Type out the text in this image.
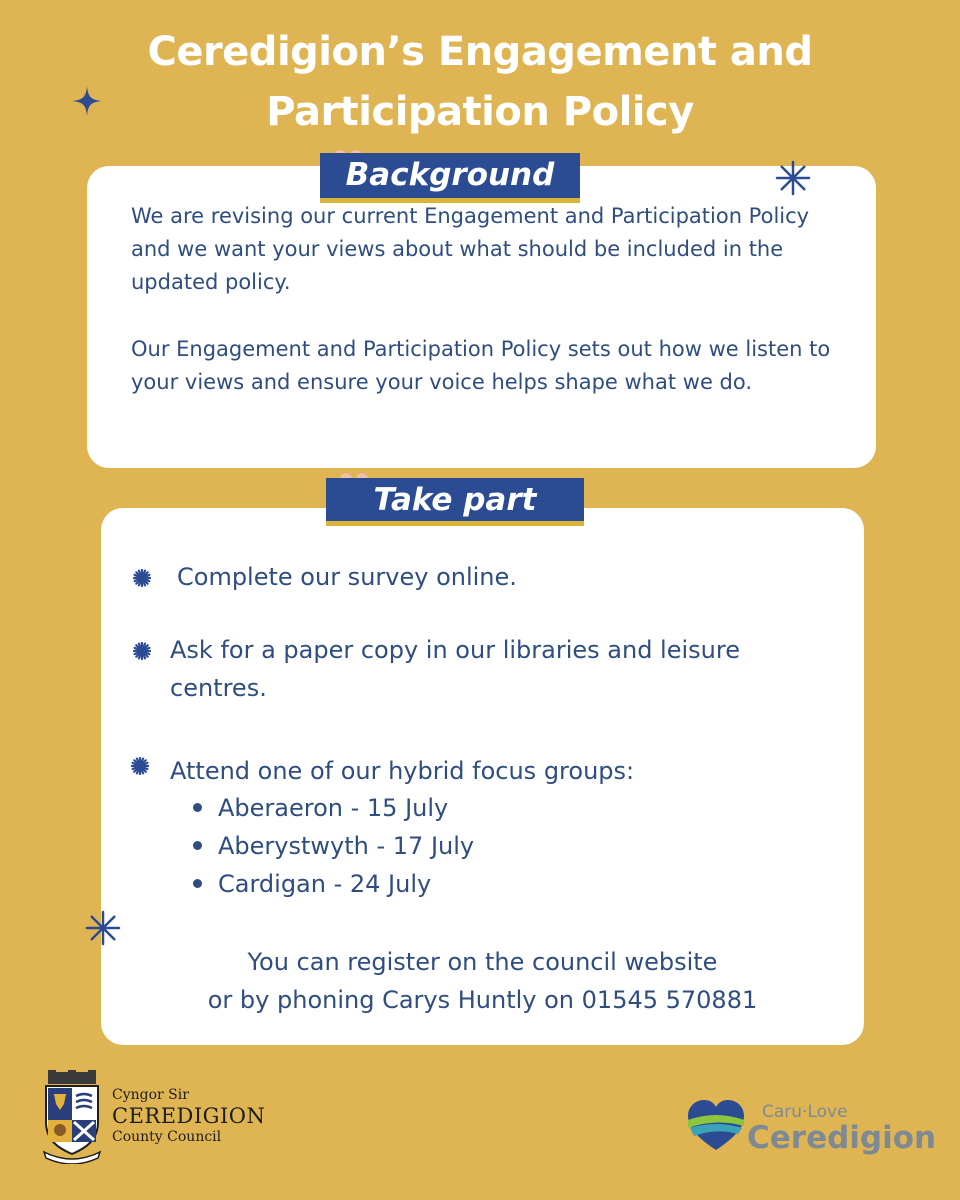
Ceredigion’s Engagement and
Participation Policy
Background
We are revising our current Engagement and Participation Policy and we want your views about what should be included in the updated policy.
Our Engagement and Participation Policy sets out how we listen to your views and ensure your voice helps shape what we do.
Take part
Complete our survey online.
Ask for a paper copy in our libraries and leisure centres.
Attend one of our hybrid focus groups:
Aberaeron - 15 July
Aberystwyth - 17 July
Cardigan - 24 July
You can register on the council website
or by phoning Carys Huntly on 01545 570881
Cyngor Sir
CEREDIGION
County Council
Caru·Love
Ceredigion
